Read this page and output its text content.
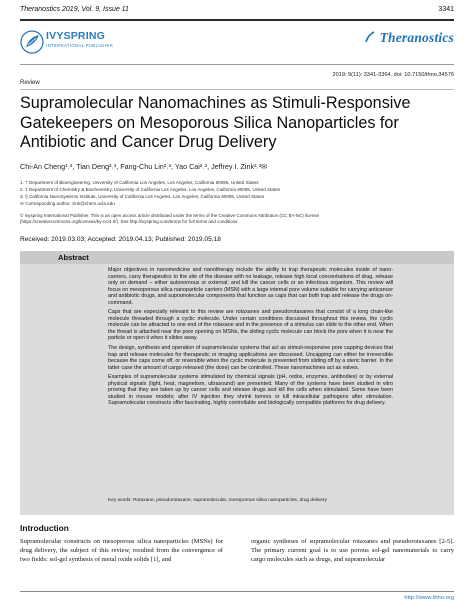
Theranostics 2019, Vol. 9, Issue 11	3341
IVYSPRING
INTERNATIONAL PUBLISHER
Theranostics
2019; 9(11): 3341-3364. doi: 10.7150/thno.34576
Review
Supramolecular Nanomachines as Stimuli-Responsive Gatekeepers on Mesoporous Silica Nanoparticles for Antibiotic and Cancer Drug Delivery
Chi-An Cheng¹˒², Tian Deng²˒³, Fang-Chu Lin²˒³, Yao Cai²˒³, Jeffrey I. Zink²˒³✉
1. † Department of Bioengineering, University of California Los Angeles, Los Angeles, California 90095, United States
2. ‡ Department of Chemistry & Biochemistry, University of California Los Angeles, Los Angeles, California 90095, United States
3. § California NanoSystems Institute, University of California Los Angeles, Los Angeles, California 90095, United States
✉ Corresponding author: zink@chem.ucla.edu
© Ivyspring International Publisher. This is an open access article distributed under the terms of the Creative Commons Attribution (CC BY-NC) license
(https://creativecommons.org/licenses/by-nc/4.0/). See http://ivyspring.com/terms for full terms and conditions.
Received: 2019.03.03; Accepted: 2019.04.13; Published: 2019.05.18
Abstract

Major objectives in nanomedicine and nanotherapy include the ability to trap therapeutic molecules inside of nano-carriers, carry therapeutics to the site of the disease with no leakage, release high local concentrations of drug, release only on demand – either autonomous or external; and kill the cancer cells or an infectious organism. This review will focus on mesoporous silica nanoparticle carriers (MSN) with a large internal pore volume suitable for carrying anticancer and antibiotic drugs, and supramolecular components that function as caps that can both trap and release the drugs on-command.

Caps that are especially relevant to this review are rotaxanes and pseudorotaxanes that consist of a long chain-like molecule threaded through a cyclic molecule. Under certain conditions discussed throughout this review, the cyclic molecule can be attracted to one end of the rotaxane and in the presence of a stimulus can slide to the other end. When the thread is attached near the pore opening on MSNs, the sliding cyclic molecule can block the pore when it is near the particle or open it when it slides away.

The design, synthesis and operation of supramolecular systems that act as stimuli-responsive pore capping devices that trap and release molecules for therapeutic or imaging applications are discussed. Uncapping can either be irreversible because the caps come off, or reversible when the cyclic molecule is prevented from sliding off by a steric barrier. In the latter case the amount of cargo released (the dose) can be controlled. These nanomachines act as valves.

Examples of supramolecular systems stimulated by chemical signals (pH, redox, enzymes, antibodies) or by external physical signals (light, heat, magnetism, ultrasound) are presented. Many of the systems have been studied in vitro proving that they are taken up by cancer cells and release drugs and kill the cells when stimulated. Some have been studied in mouse models; after IV injection they shrink tumors or kill intracellular pathogens after stimulation. Supramolecular constructs offer fascinating, highly controllable and biologically compatible platforms for drug delivery.

Key words: Rotaxane, pseudorotaxane, supramolecular, mesoporous silica nanoparticles, drug delivery
Introduction
Supramolecular constructs on mesoporous silica nanoparticles (MSNs) for drug delivery, the subject of this review, resulted from the convergence of two fields: sol-gel synthesis of metal oxide solids [1], and
organic syntheses of supramolecular rotaxanes and pseudorotaxanes [2-5]. The primary current goal is to use porous sol-gel nanomaterials to carry cargo molecules such as drugs, and supramolecular
http://www.thno.org
